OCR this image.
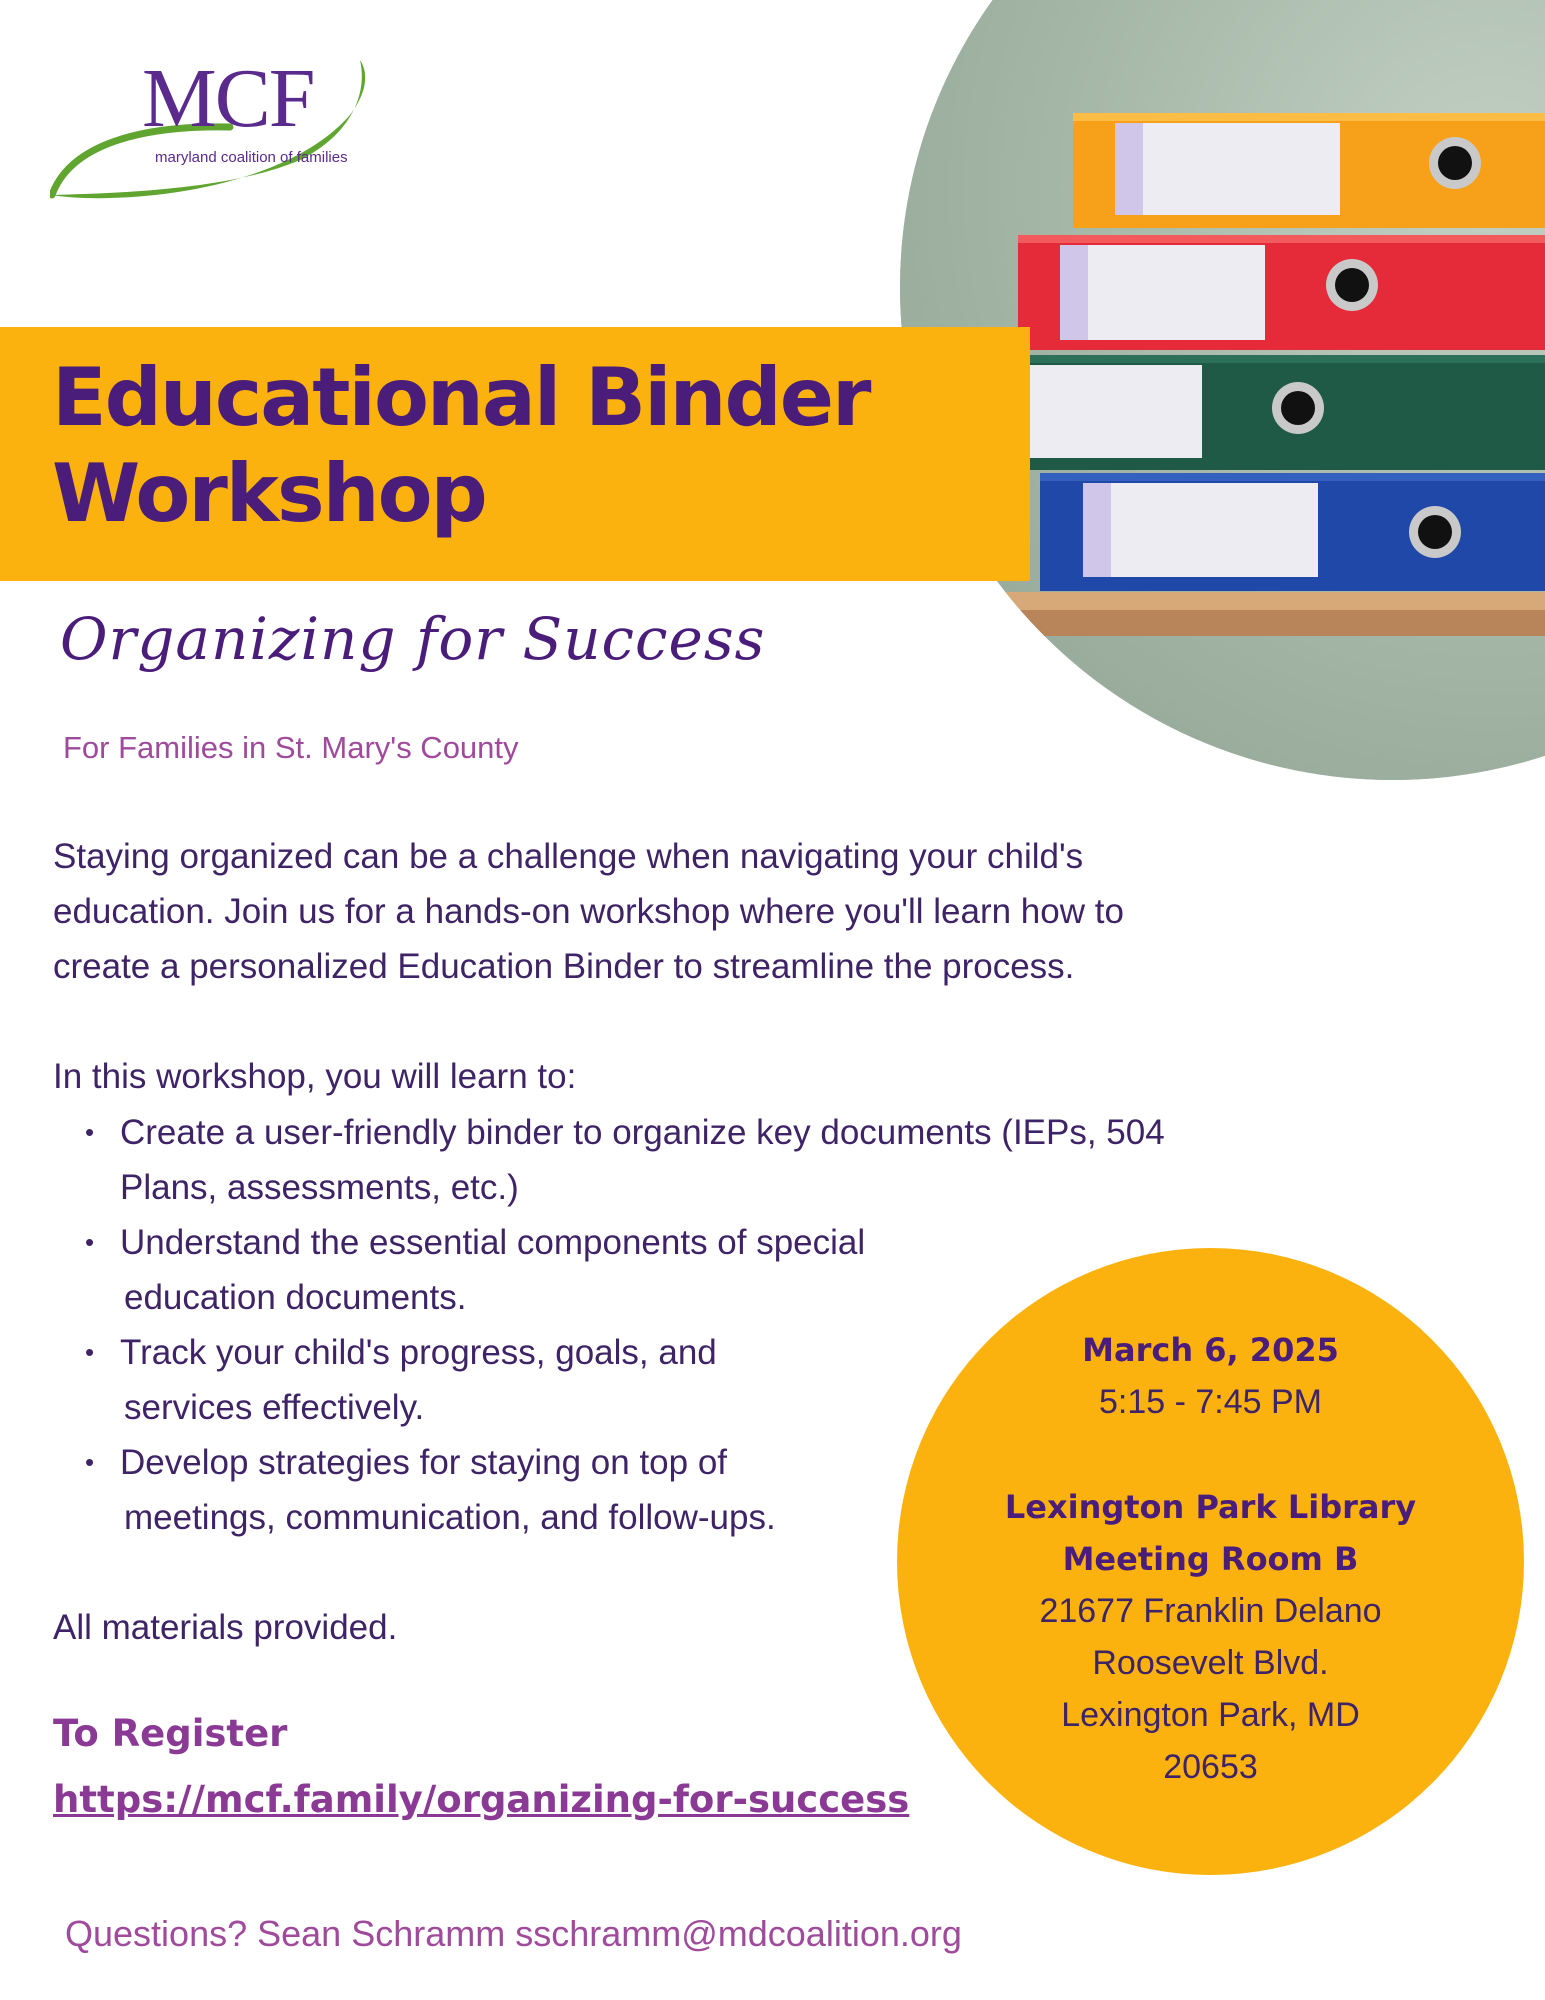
MCF
maryland coalition of families
Educational Binder
Workshop
Organizing for Success
For Families in St. Mary's County
Staying organized can be a challenge when navigating your child's
education. Join us for a hands-on workshop where you'll learn how to
create a personalized Education Binder to streamline the process.
In this workshop, you will learn to:
• Create a user-friendly binder to organize key documents (IEPs, 504
Plans, assessments, etc.)
• Understand the essential components of special
education documents.
• Track your child's progress, goals, and
services effectively.
• Develop strategies for staying on top of
meetings, communication, and follow-ups.
All materials provided.
To Register
https://mcf.family/organizing-for-success
Questions? Sean Schramm sschramm@mdcoalition.org
March 6, 2025
5:15 - 7:45 PM
Lexington Park Library
Meeting Room B
21677 Franklin Delano
Roosevelt Blvd.
Lexington Park, MD
20653
